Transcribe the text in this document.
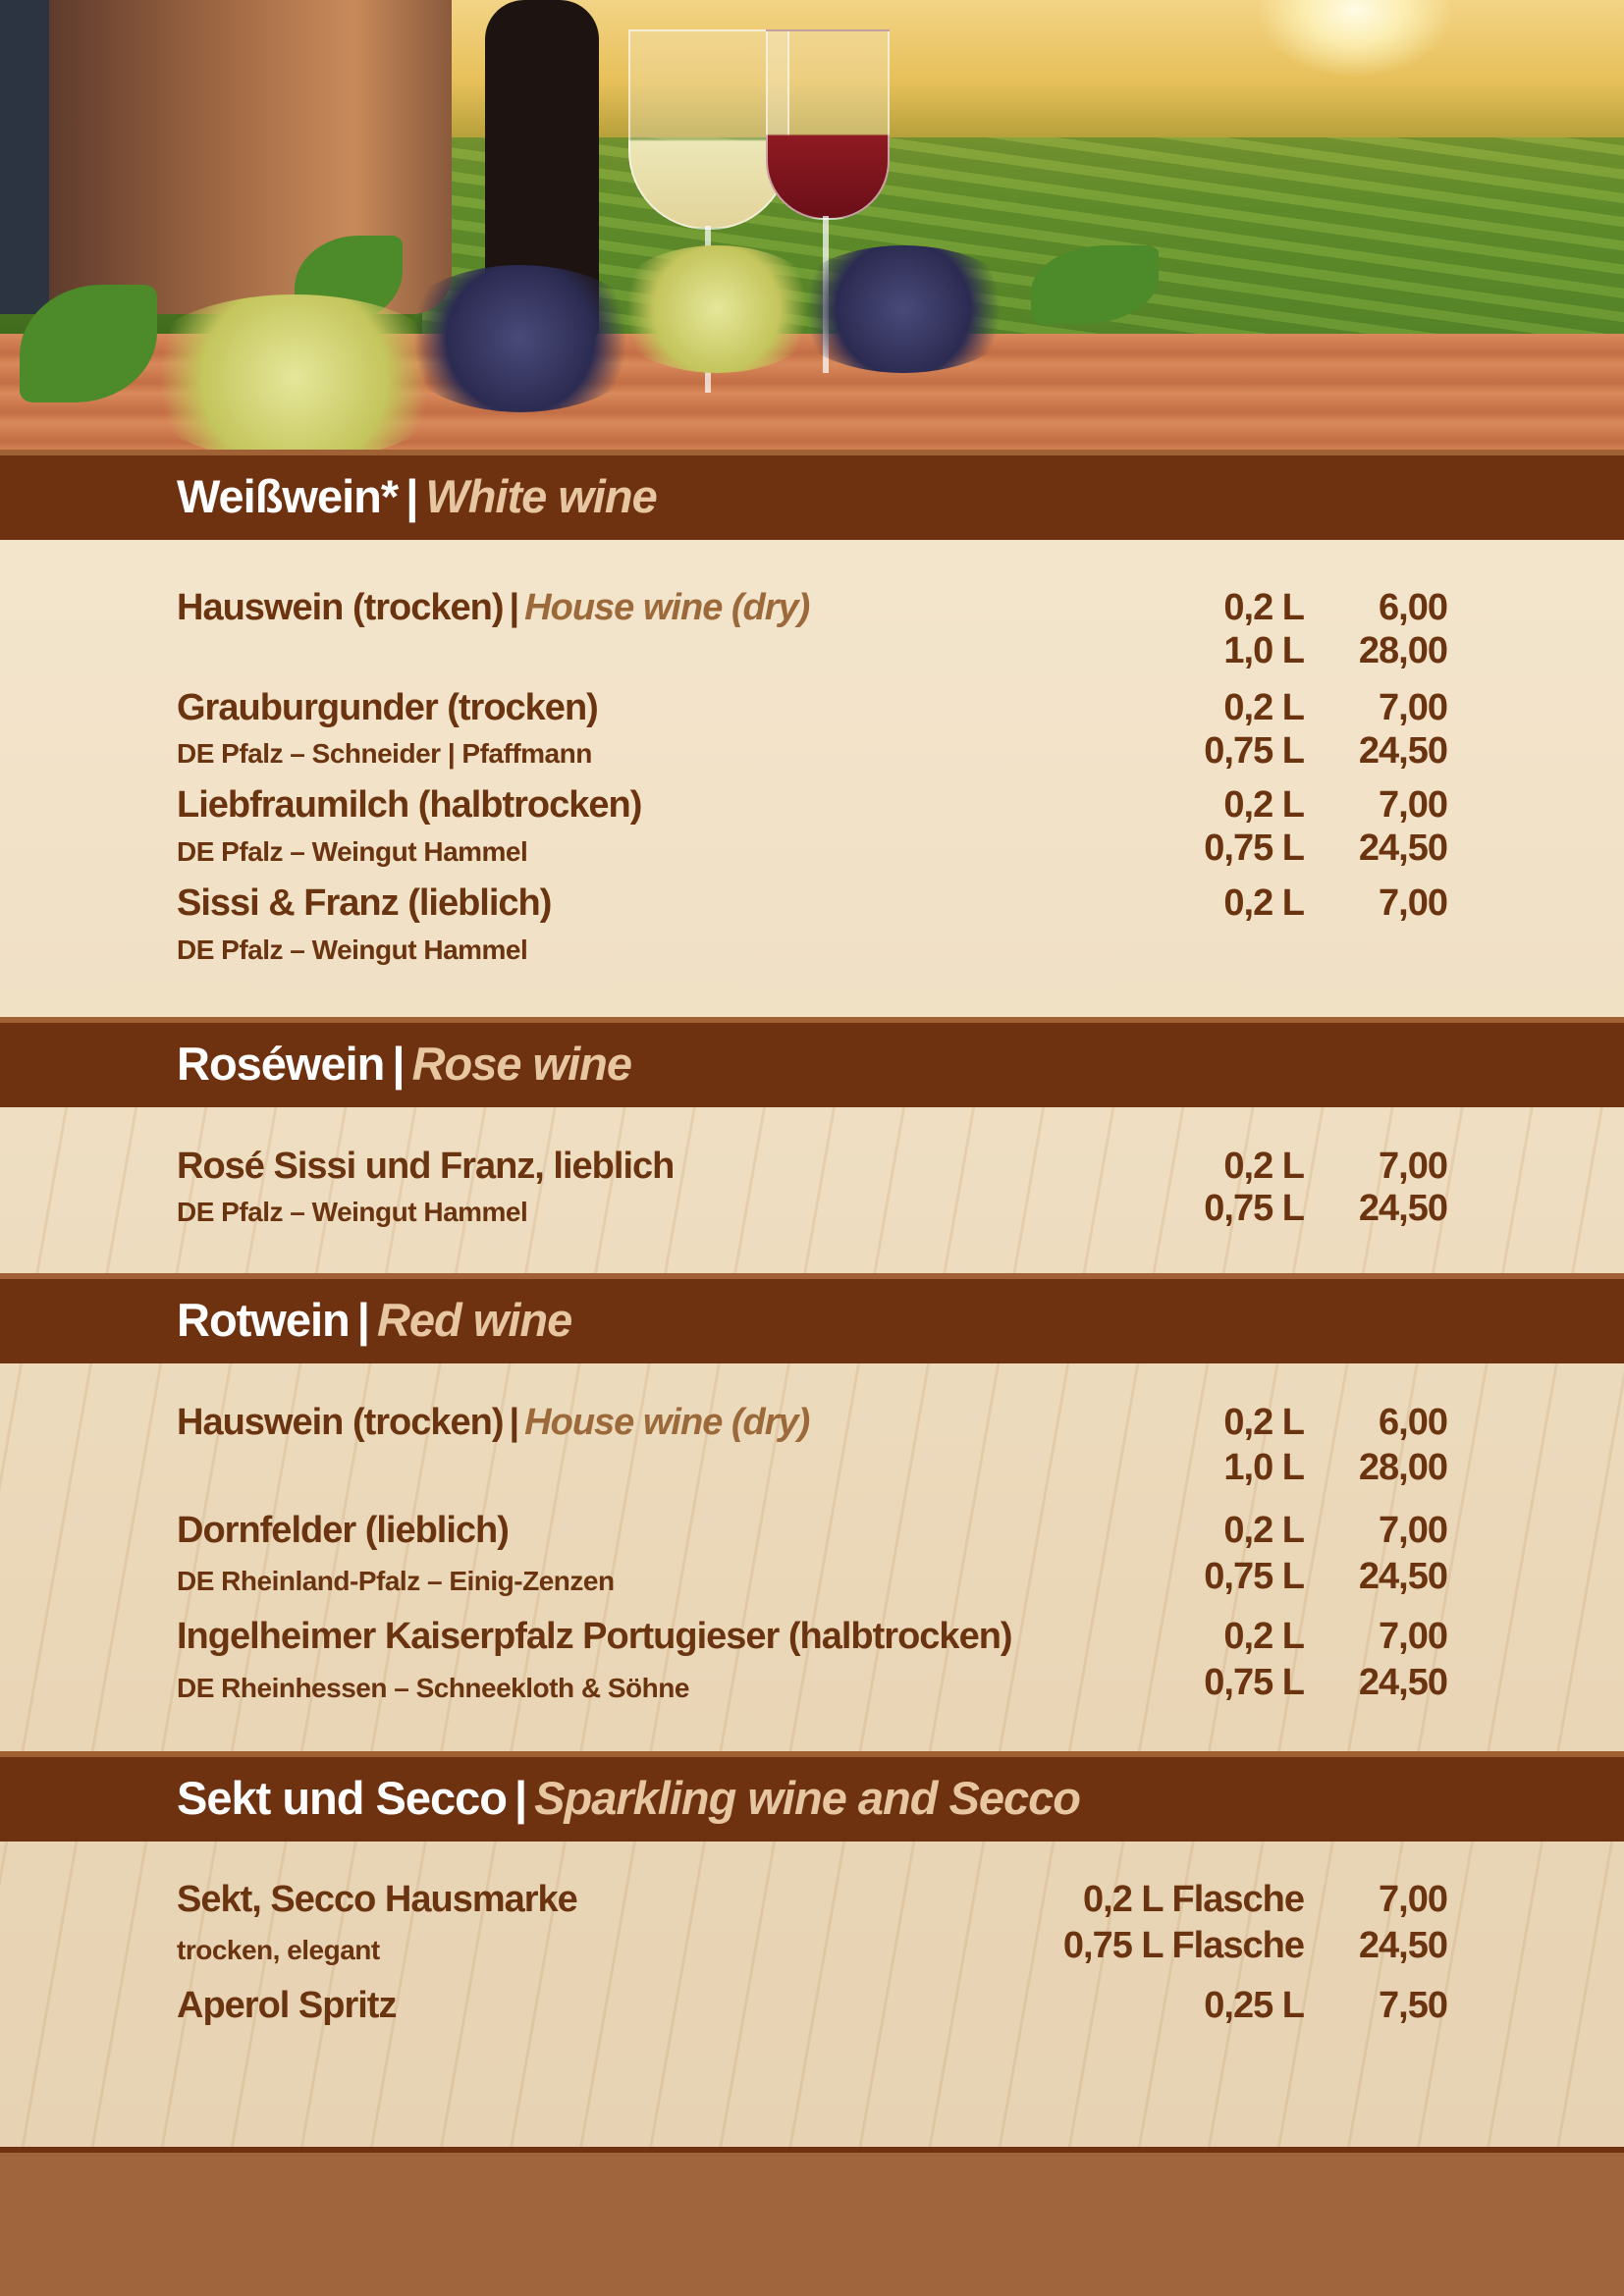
Weißwein* | White wine
Hauswein (trocken) | House wine (dry)	0,2 L 6,00
1,0 L 28,00
Grauburgunder (trocken)
DE Pfalz – Schneider | Pfaffmann
0,2 L 7,00
0,75 L 24,50
Liebfraumilch (halbtrocken)
DE Pfalz – Weingut Hammel
0,2 L 7,00
0,75 L 24,50
Sissi & Franz (lieblich)
DE Pfalz – Weingut Hammel
0,2 L 7,00
Roséwein | Rose wine
Rosé Sissi und Franz, lieblich
DE Pfalz – Weingut Hammel
0,2 L 7,00
0,75 L 24,50
Rotwein | Red wine
Hauswein (trocken) | House wine (dry)	0,2 L 6,00
1,0 L 28,00
Dornfelder (lieblich)
DE Rheinland-Pfalz – Einig-Zenzen
0,2 L 7,00
0,75 L 24,50
Ingelheimer Kaiserpfalz Portugieser (halbtrocken)
DE Rheinhessen – Schneekloth & Söhne
0,2 L 7,00
0,75 L 24,50
Sekt und Secco | Sparkling wine and Secco
Sekt, Secco Hausmarke
trocken, elegant
0,2 L Flasche 7,00
0,75 L Flasche 24,50
Aperol Spritz	0,25 L 7,50
